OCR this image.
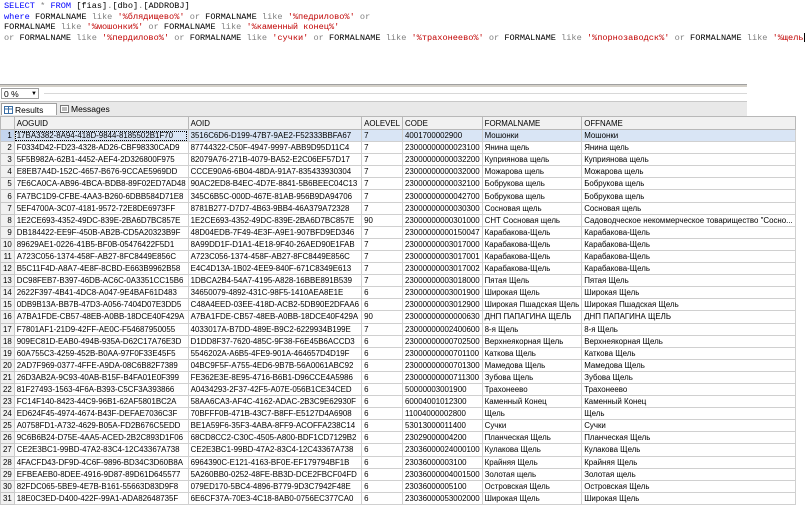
SELECT * FROM [fias].[dbo].[ADDROBJ]
where FORMALNAME like '%блядищево%' or FORMALNAME like '%педрилово%' or
FORMALNAME like '%мошонки%' or FORMALNAME like '%каменный конец%'
or FORMALNAME like '%пердилово%' or FORMALNAME like 'сучки' or FORMALNAME like '%трахонеево%' or FORMALNAME like '%порнозаводск%' or FORMALNAME like '%щель
0 % ▼
Results	Messages
	AOGUID	AOID	AOLEVEL	CODE	FORMALNAME	OFFNAME
1	17BA3382-8A94-418D-9844-8185502B1F70	3516C6D6-D199-47B7-9AE2-F52333BBFA67	7	4001700002900	Мошонки	Мошонки
2	F0334D42-FD23-4328-AD26-CBF98330CAD9	87744322-C50F-4947-9997-ABB9D95D11C4	7	23000000000023100	Янина щель	Янина щель
3	5F5B982A-62B1-4452-AEF4-2D326800F975	82079A76-271B-4079-BA52-E2C06EF57D17	7	23000000000032200	Куприянова щель	Куприянова щель
4	E8EB7A4D-152C-4657-B676-9CCAE5969DD	CCCE90A6-6B04-48DA-91A7-835433930304	7	23000000000032000	Можарова щель	Можарова щель
5	7E6CA0CA-AB96-4BCA-BDB8-89F02ED7AD48	90AC2ED8-B4EC-4D7E-8841-5B6BEEC04C13	7	23000000000032100	Бобрукова щель	Бобрукова щель
6	FA7BC1D9-CFBE-4AA3-B260-6DBB584D71E8	345C6B5C-000D-467E-81AB-956B9DA94706	7	23000000000042700	Бобрукова щель	Бобрукова щель
7	5EF4700A-3C07-4181-9572-72E8DE6973FF	8781B277-D7D7-4B63-9BB4-46A379A72328	7	23000000000030300	Сосновая щель	Сосновая щель
8	1E2CE693-4352-49DC-839E-2BA6D7BC857E	1E2CE693-4352-49DC-839E-2BA6D7BC857E	90	23000000000301000	СНТ Сосновая щель	Садоводческое некоммерческое товарищество "Сосно...
9	DB184422-EE9F-450B-AB2B-CD5A20323B9F	48D04EDB-7F49-4E3F-A9E1-907BFD9ED346	7	23000000000150047	Карабакова-Щель	Карабакова-Щель
10	89629AE1-0226-41B5-BF0B-05476422F5D1	8A99DD1F-D1A1-4E18-9F40-26AED90E1FAB	7	23000000003017000	Карабакова-Щель	Карабакова-Щель
11	A723C056-1374-458F-AB27-8FC8449E856C	A723C056-1374-458F-AB27-8FC8449E856C	7	23000000003017001	Карабакова-Щель	Карабакова-Щель
12	B5C11F4D-A8A7-4E8F-8CBD-E663B9962B58	E4C4D13A-1B02-4EE9-840F-671C8349E613	7	23000000003017002	Карабакова-Щель	Карабакова-Щель
13	DC98FEB7-B397-46DB-AC6C-0A3351CC15B6	1DBCA2B4-54A7-4195-A828-16BBE891B539	7	23000000003018000	Пятая Щель	Пятая Щель
14	2622F397-4B41-4DC8-A047-9E4BAF61D483	34650079-4892-431C-98F5-1410AEA8E1E	6	23000000003001900	Широкая Щель	Широкая Щель
15	0DB9B13A-BB7B-47D3-A056-7404D07E3DD5	C48A4EED-03EE-418D-ACB2-5DB90E2DFAA6	6	23000000003012900	Широкая Пшадская Щель	Широкая Пшадская Щель
16	A7BA1FDE-CB57-48EB-A0BB-18DCE40F429A	A7BA1FDE-CB57-48EB-A0BB-18DCE40F429A	90	23000000000000630	ДНП ПАПАГИНА ЩЕЛЬ	ДНП ПАПАГИНА ЩЕЛЬ
17	F7801AF1-21D9-42FF-AE0C-F54687950055	4033017A-B7DD-489E-B9C2-6229934B199E	7	23000000002400600	8-я Щель	8-я Щель
18	909EC81D-EAB0-494B-935A-D62C17A76E3D	D1DD8F37-7620-485C-9F38-F6E45B6ACCD3	6	23000000000702500	Верхнеякорная Щель	Верхнеякорная Щель
19	60A755C3-4259-452B-B0AA-97F0F33E45F5	5546202A-A6B5-4FE9-901A-464657D4D19F	6	23000000000701100	Каткова Щель	Каткова Щель
20	2AD7F969-0377-4FFE-A9DA-08C6B82F7389	04BC9F5F-A755-4ED6-9B7B-56A0061ABC92	6	23000000000701300	Мамедова Щель	Мамедова Щель
21	26D3AB2A-9C93-40AB-B15F-B4FA01E0F399	FE362E3E-8E95-4716-B6B1-D96CCE4A5986	6	23000000000711300	Зубова Щель	Зубова Щель
22	81F27493-1563-4F6A-B393-C5CF3A393866	A0434293-2F37-42F5-A07E-056B1CE34CED	6	50000003001900	Трахонеево	Трахонеево
23	FC14F140-8423-44C9-96B1-62AF5801BC2A	58AA6CA3-AF4C-4162-ADAC-2B3C9E62930F	6	60004001012300	Каменный Конец	Каменный Конец
24	ED624F45-4974-4674-B43F-DEFAE7036C3F	70BFFF0B-471B-43C7-B8FF-E5127D4A6908	6	11004000002800	Щель	Щель
25	A0758FD1-A732-4629-B05A-FD2B676C5EDD	BE1A59F6-35F3-4ABA-8FF9-ACOFFA238C14	6	53013000011400	Сучки	Сучки
26	9C6B6B24-D75E-4AA5-ACED-2B2C893D1F06	68CD8CC2-C30C-4505-A800-BDF1CD7129B2	6	23029000004200	Планческая Щель	Планческая Щель
27	CE2E3BC1-99BD-47A2-83C4-12C43367A738	CE2E3BC1-99BD-47A2-83C4-12C43367A738	6	23036000024000100	Кулакова Щель	Кулакова Щель
28	4FACFD43-DF9D-4C6F-9896-BD34C3D60B8A	6964390C-E121-4163-BF0E-EF179794BF1B	6	23036000003100	Крайняя Щель	Крайняя Щель
29	EFBEAEB0-8DEE-4916-9D87-89D61D645577	5A260BB0-0252-48FE-BB3D-DCE2FBCF04FD	6	23036000004001500	Золотая щель	Золотая щель
30	82FDC065-5BE9-4E7B-B161-55663D83D9F8	079ED170-5BC4-4896-B779-9D3C7942F48E	6	23036000005100	Островская Щель	Островская Щель
31	18E0C3ED-D400-422F-99A1-ADA82648735F	6E6CF37A-70E3-4C18-8AB0-0756EC377CA0	6	23036000053002000	Широкая Щель	Широкая Щель
